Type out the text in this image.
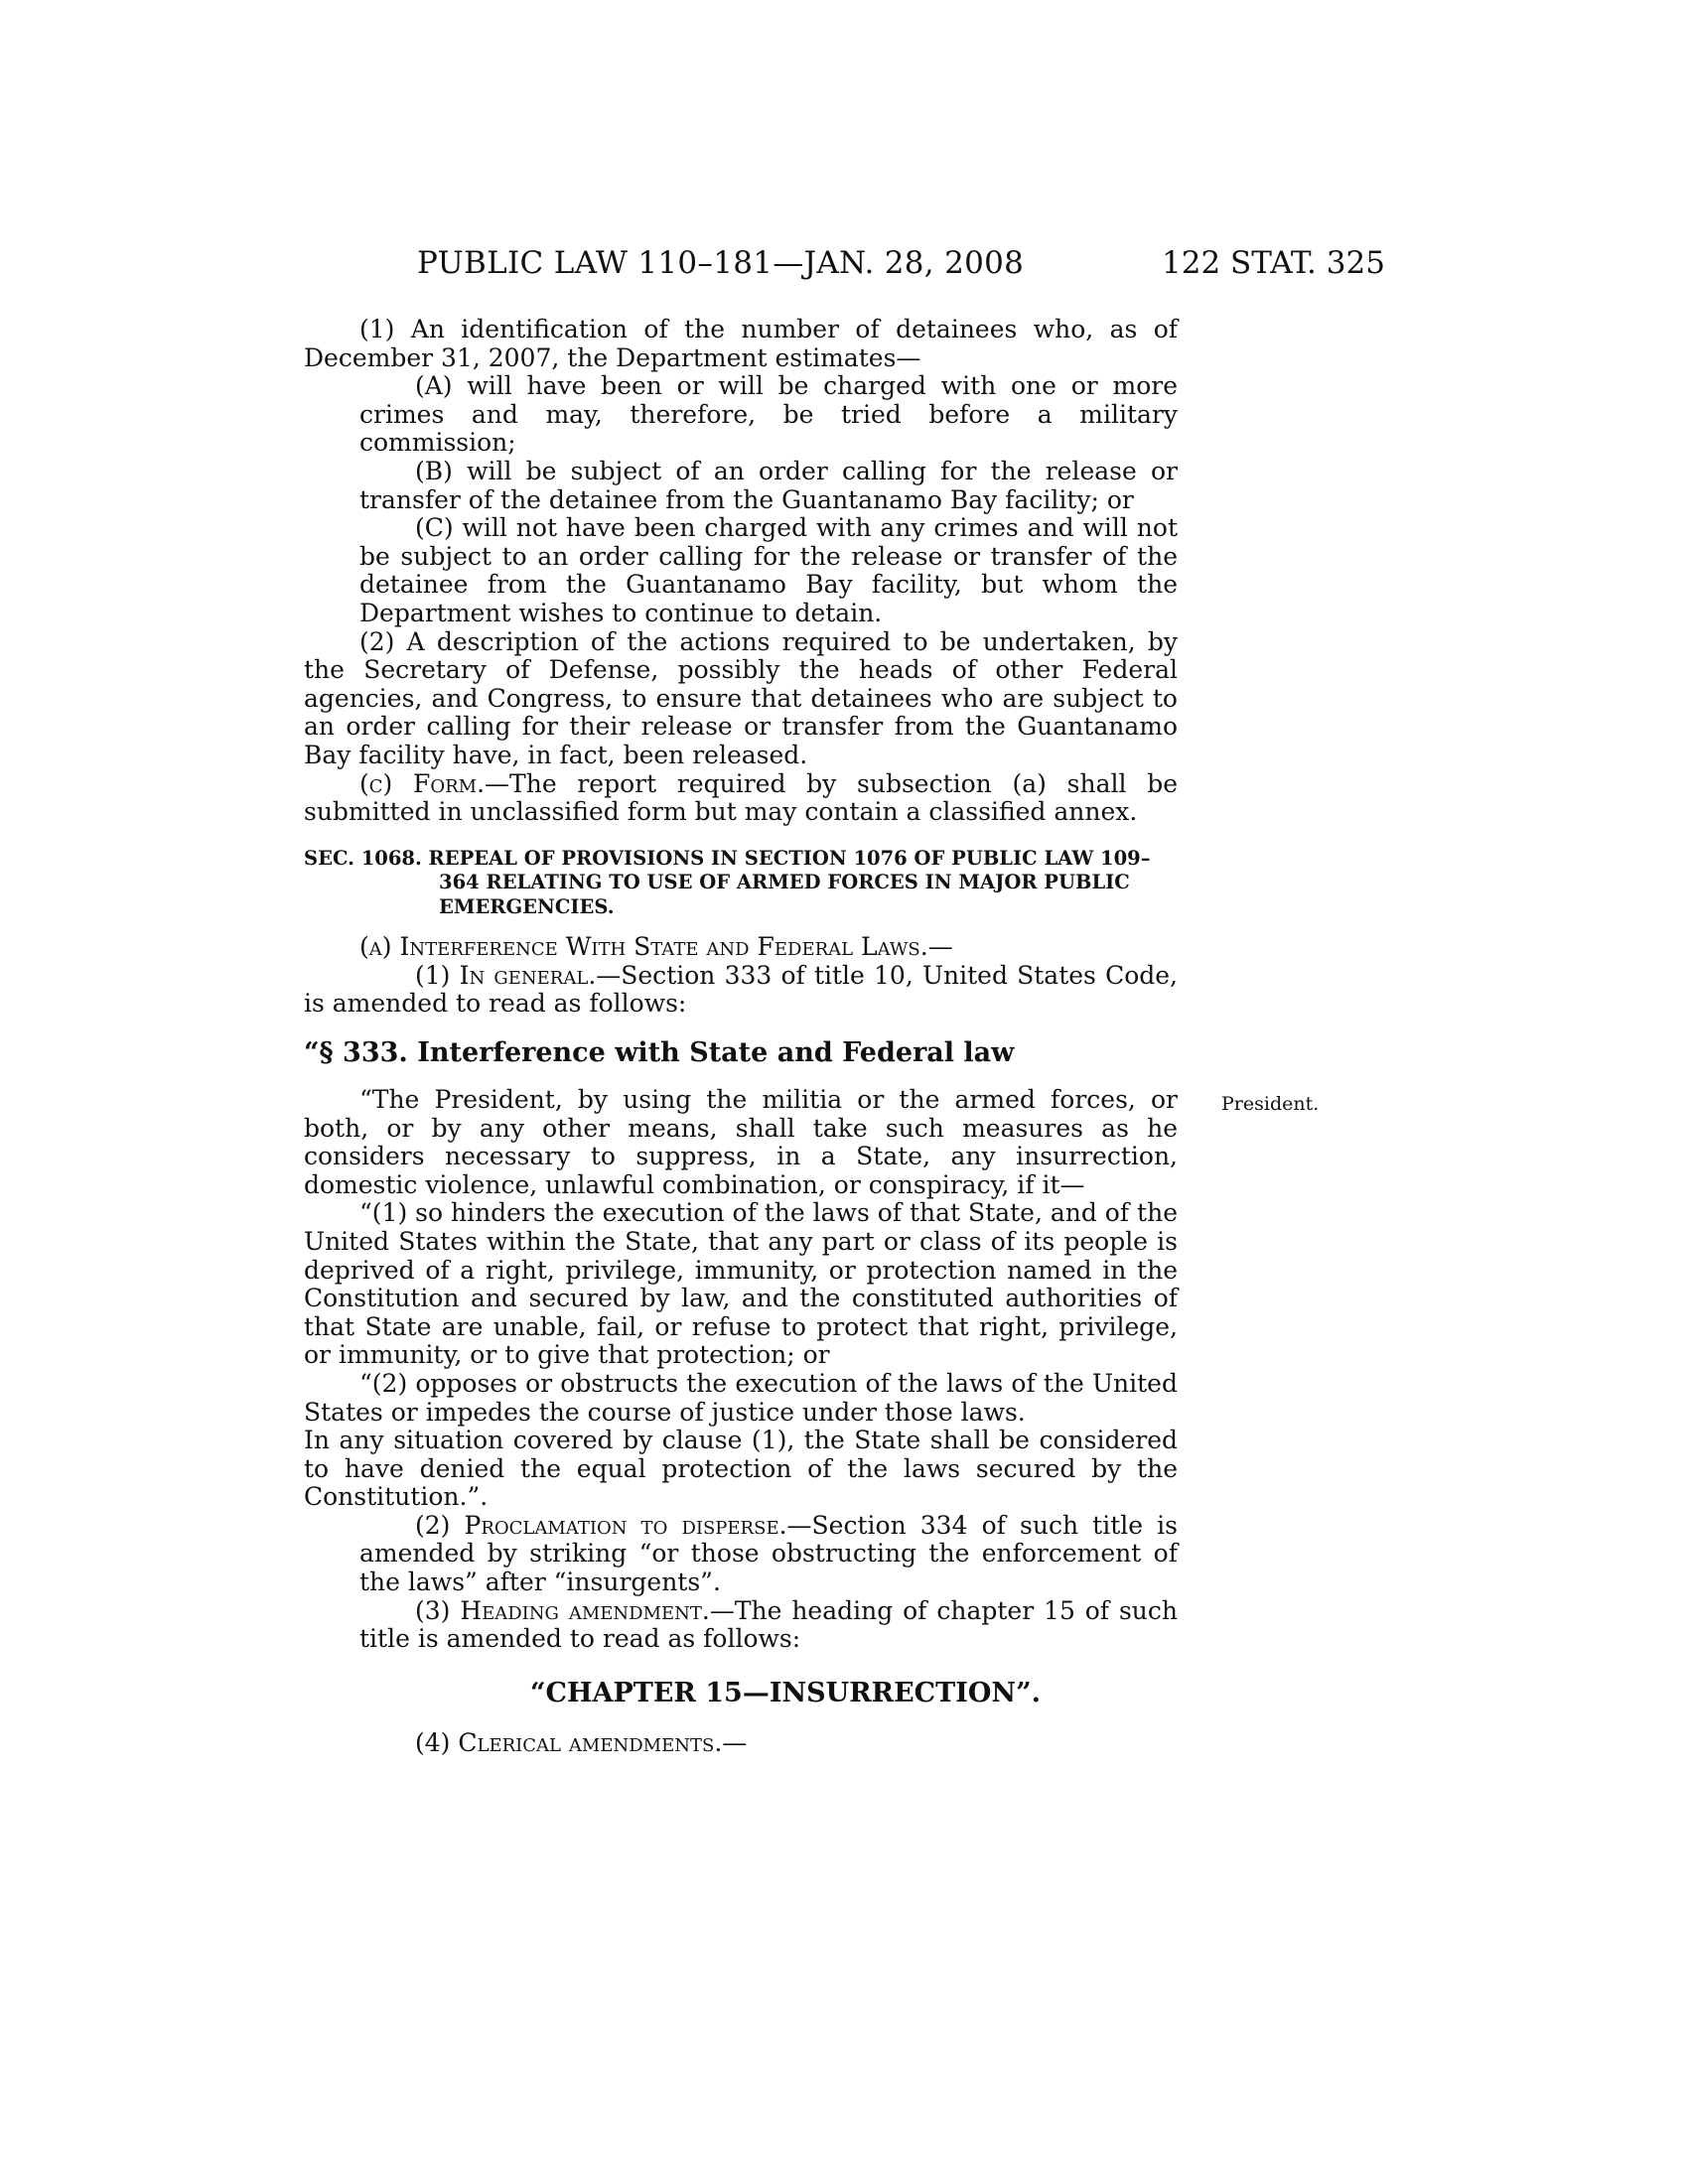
PUBLIC LAW 110–181—JAN. 28, 2008	122 STAT. 325
President.

(1) An identification of the number of detainees who, as of December 31, 2007, the Department estimates—

(A) will have been or will be charged with one or more crimes and may, therefore, be tried before a military commission;

(B) will be subject of an order calling for the release or transfer of the detainee from the Guantanamo Bay facility; or

(C) will not have been charged with any crimes and will not be subject to an order calling for the release or transfer of the detainee from the Guantanamo Bay facility, but whom the Department wishes to continue to detain.

(2) A description of the actions required to be undertaken, by the Secretary of Defense, possibly the heads of other Federal agencies, and Congress, to ensure that detainees who are subject to an order calling for their release or transfer from the Guantanamo Bay facility have, in fact, been released.

(c) Form.—The report required by subsection (a) shall be submitted in unclassified form but may contain a classified annex.

SEC. 1068. REPEAL OF PROVISIONS IN SECTION 1076 OF PUBLIC LAW 109–364 RELATING TO USE OF ARMED FORCES IN MAJOR PUBLIC EMERGENCIES.

(a) Interference With State and Federal Laws.—

(1) In general.—Section 333 of title 10, United States Code, is amended to read as follows:

“§ 333. Interference with State and Federal law

“The President, by using the militia or the armed forces, or both, or by any other means, shall take such measures as he considers necessary to suppress, in a State, any insurrection, domestic violence, unlawful combination, or conspiracy, if it—

“(1) so hinders the execution of the laws of that State, and of the United States within the State, that any part or class of its people is deprived of a right, privilege, immunity, or protection named in the Constitution and secured by law, and the constituted authorities of that State are unable, fail, or refuse to protect that right, privilege, or immunity, or to give that protection; or

“(2) opposes or obstructs the execution of the laws of the United States or impedes the course of justice under those laws.

In any situation covered by clause (1), the State shall be considered to have denied the equal protection of the laws secured by the Constitution.”.

(2) Proclamation to disperse.—Section 334 of such title is amended by striking “or those obstructing the enforcement of the laws” after “insurgents”.

(3) Heading amendment.—The heading of chapter 15 of such title is amended to read as follows:

“CHAPTER 15—INSURRECTION”.

(4) Clerical amendments.—
